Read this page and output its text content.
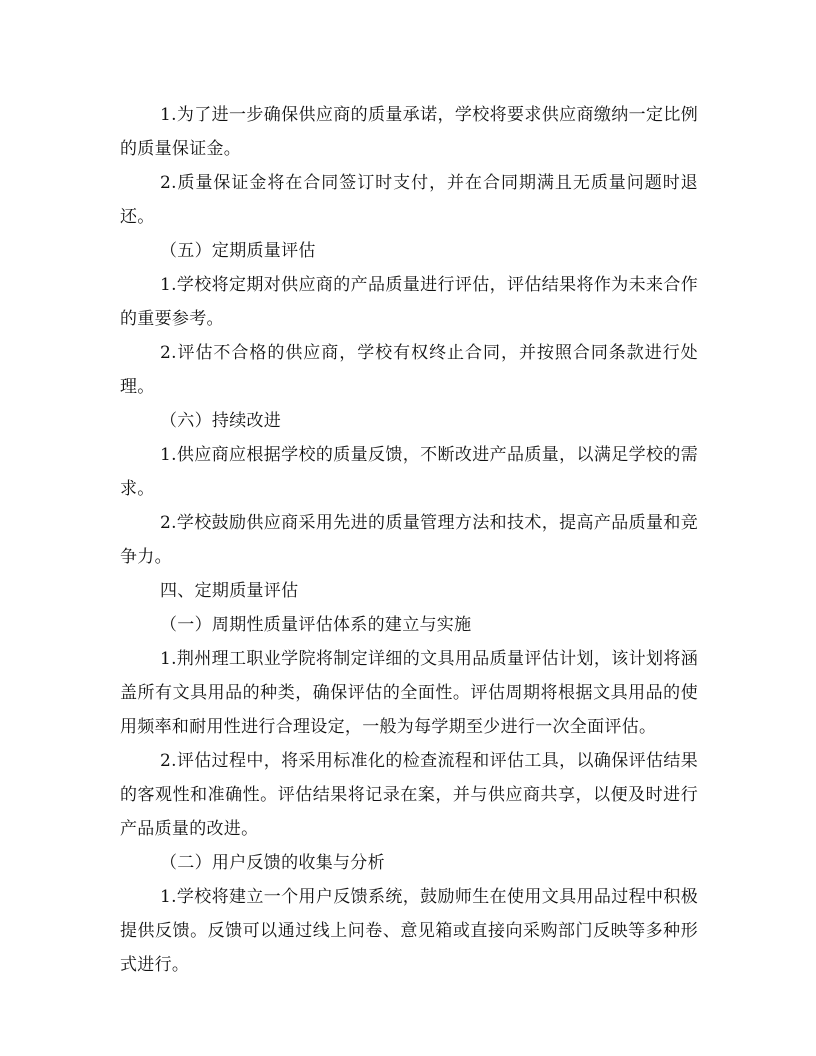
1.为了进一步确保供应商的质量承诺，学校将要求供应商缴纳一定比例的质量保证金。

2.质量保证金将在合同签订时支付，并在合同期满且无质量问题时退还。

（五）定期质量评估

1.学校将定期对供应商的产品质量进行评估，评估结果将作为未来合作的重要参考。

2.评估不合格的供应商，学校有权终止合同，并按照合同条款进行处理。

（六）持续改进

1.供应商应根据学校的质量反馈，不断改进产品质量，以满足学校的需求。

2.学校鼓励供应商采用先进的质量管理方法和技术，提高产品质量和竞争力。

四、定期质量评估

（一）周期性质量评估体系的建立与实施

1.荆州理工职业学院将制定详细的文具用品质量评估计划，该计划将涵盖所有文具用品的种类，确保评估的全面性。评估周期将根据文具用品的使用频率和耐用性进行合理设定，一般为每学期至少进行一次全面评估。

2.评估过程中，将采用标准化的检查流程和评估工具，以确保评估结果的客观性和准确性。评估结果将记录在案，并与供应商共享，以便及时进行产品质量的改进。

（二）用户反馈的收集与分析

1.学校将建立一个用户反馈系统，鼓励师生在使用文具用品过程中积极提供反馈。反馈可以通过线上问卷、意见箱或直接向采购部门反映等多种形式进行。
